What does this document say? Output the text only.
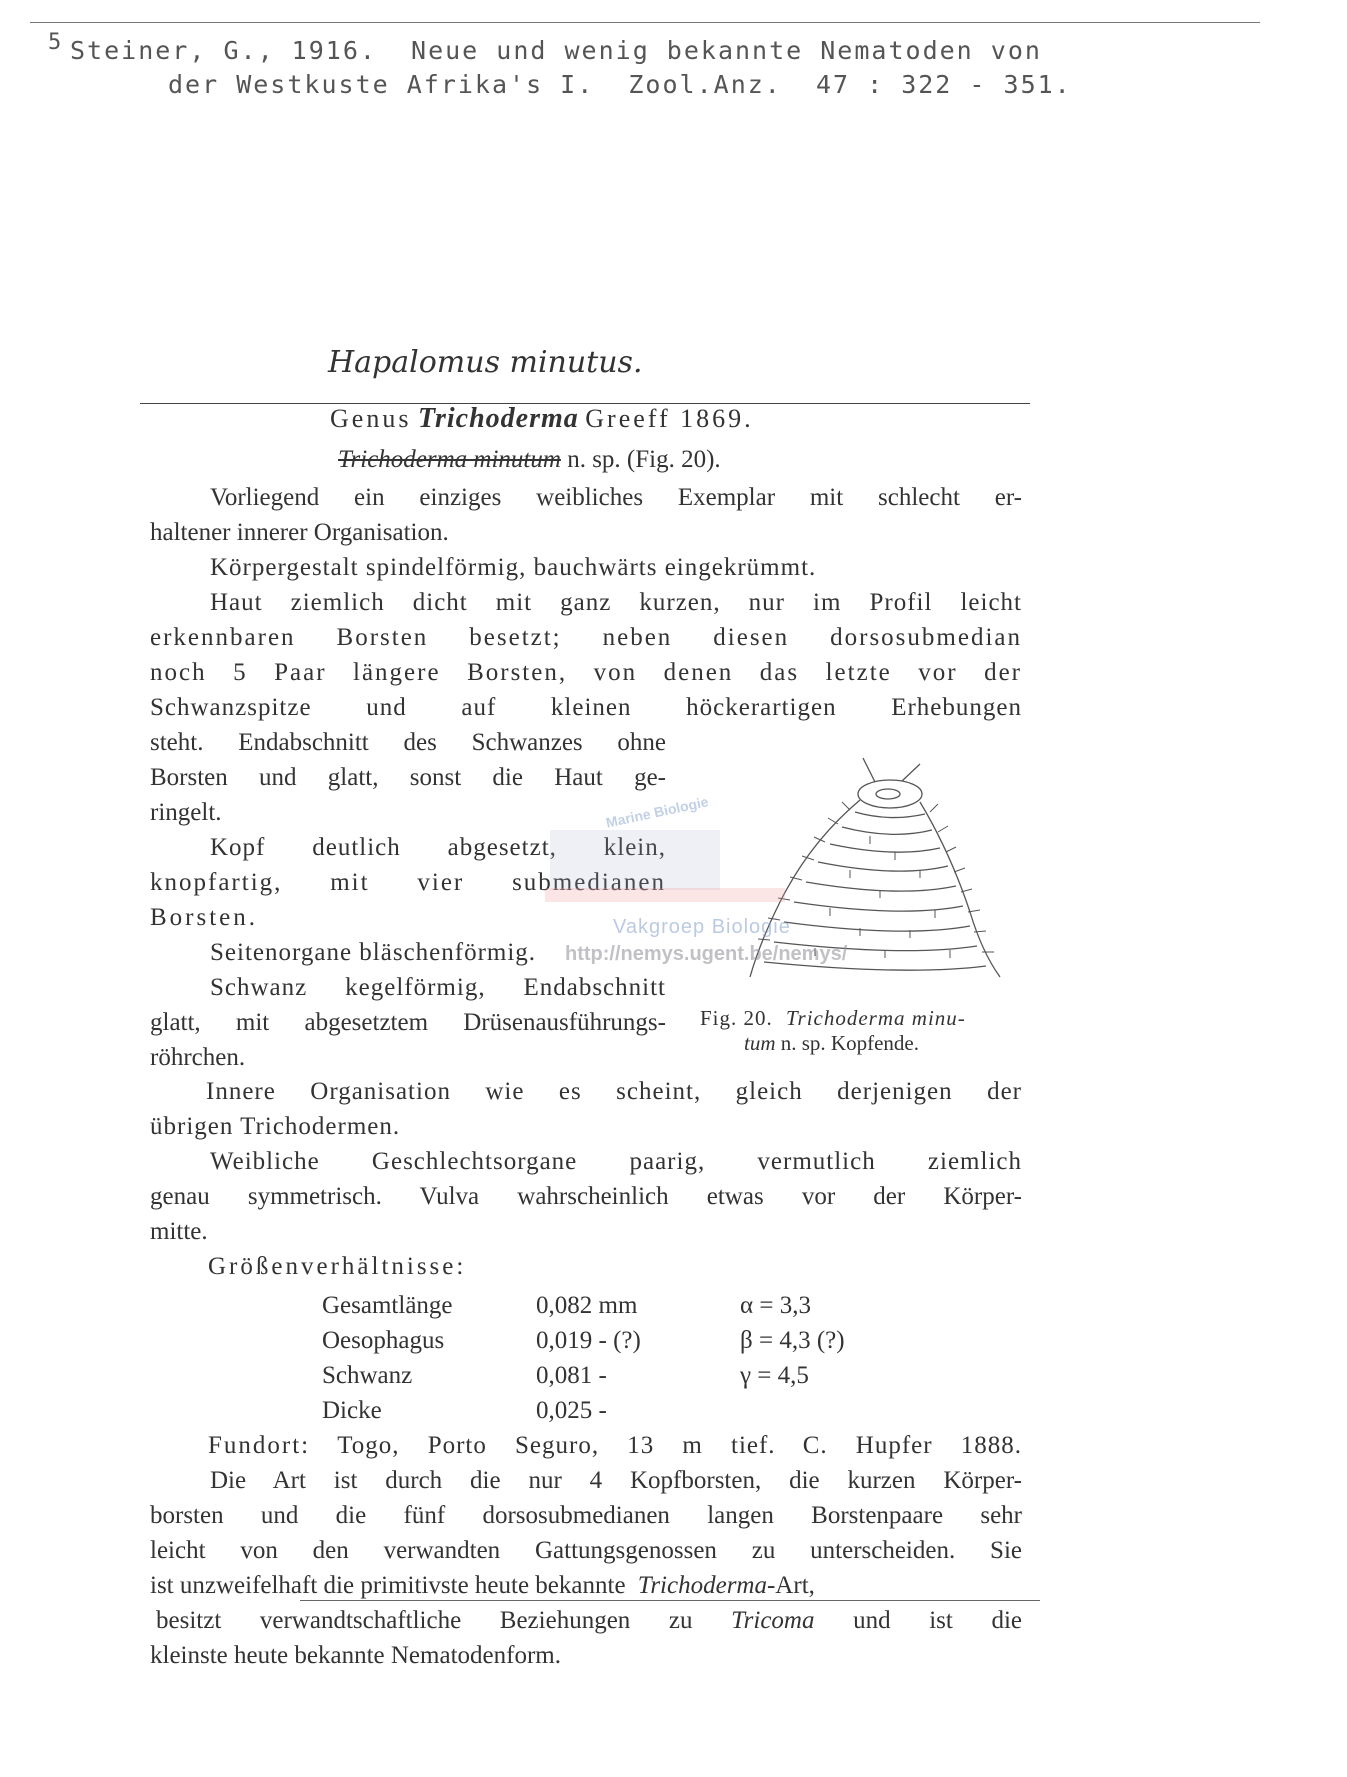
5 Steiner, G., 1916.  Neue und wenig bekannte Nematoden von
der Westkuste Afrika's I.  Zool.Anz.  47 : 322 - 351.
Hapalomus minutus.
Genus Trichoderma Greeff 1869.
Trichoderma minutum n. sp. (Fig. 20).
Vorliegend ein einziges weibliches Exemplar mit schlecht er-
haltener innerer Organisation.
Körpergestalt spindelförmig, bauchwärts eingekrümmt.
Haut ziemlich dicht mit ganz kurzen, nur im Profil leicht
erkennbaren Borsten besetzt; neben diesen dorsosubmedian
noch 5 Paar längere Borsten, von denen das letzte vor der
Schwanzspitze und auf kleinen höckerartigen Erhebungen
steht. Endabschnitt des Schwanzes ohne
Borsten und glatt, sonst die Haut ge-
ringelt.
Kopf deutlich abgesetzt, klein,
knopfartig, mit vier submedianen
Borsten.
Seitenorgane bläschenförmig.
Schwanz kegelförmig, Endabschnitt
glatt, mit abgesetztem Drüsenausführungs-
röhrchen.
Marine Biologie
Vakgroep Biologie
http://nemys.ugent.be/nemys/
Fig. 20. Trichoderma minu-
tum n. sp. Kopfende.
Innere Organisation wie es scheint, gleich derjenigen der
übrigen Trichodermen.
Weibliche Geschlechtsorgane paarig, vermutlich ziemlich
genau symmetrisch. Vulva wahrscheinlich etwas vor der Körper-
mitte.
Größenverhältnisse:
Gesamtlänge	0,082 mm	α = 3,3
Oesophagus	0,019 - (?)	β = 4,3 (?)
Schwanz	0,081 -	γ = 4,5
Dicke	0,025 -
Fundort: Togo, Porto Seguro, 13 m tief. C. Hupfer 1888.
Die Art ist durch die nur 4 Kopfborsten, die kurzen Körper-
borsten und die fünf dorsosubmedianen langen Borstenpaare sehr
leicht von den verwandten Gattungsgenossen zu unterscheiden. Sie
ist unzweifelhaft die primitivste heute bekannte Trichoderma-Art,
besitzt verwandtschaftliche Beziehungen zu Tricoma und ist die
kleinste heute bekannte Nematodenform.
